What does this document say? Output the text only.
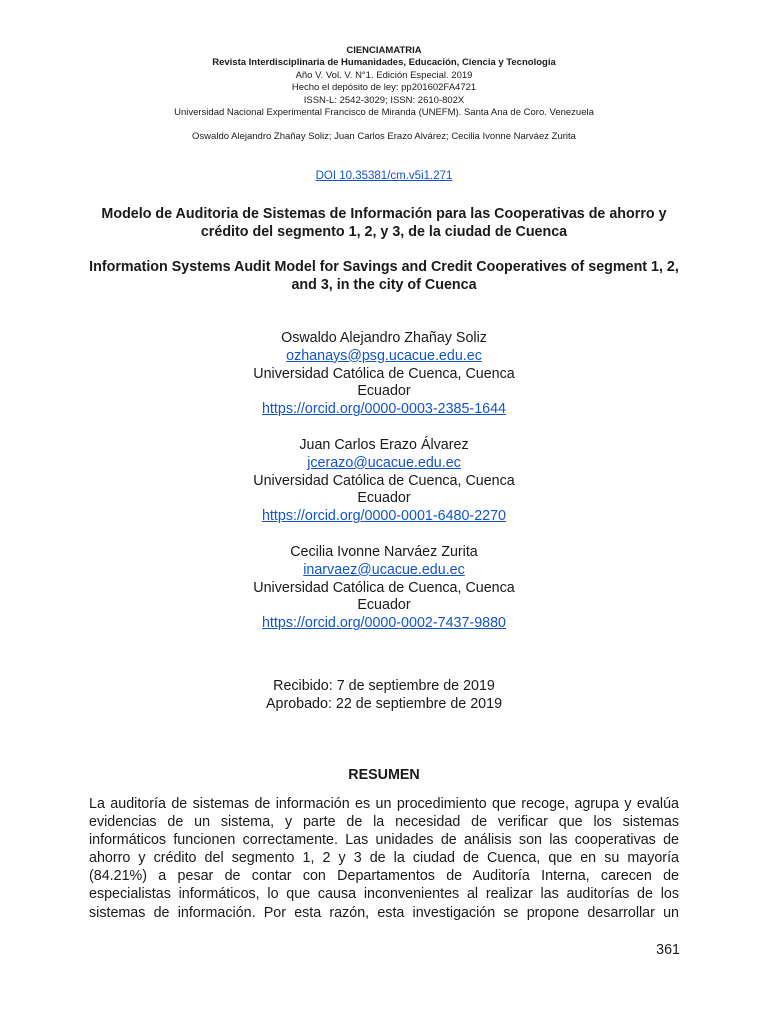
CIENCIAMATRIA
Revista Interdisciplinaria de Humanidades, Educación, Ciencia y Tecnología
Año V. Vol. V. N°1. Edición Especial. 2019
Hecho el depósito de ley: pp201602FA4721
ISSN-L: 2542-3029; ISSN: 2610-802X
Universidad Nacional Experimental Francisco de Miranda (UNEFM). Santa Ana de Coro. Venezuela
Oswaldo Alejandro Zhañay Soliz; Juan Carlos Erazo Alvárez; Cecilia Ivonne Narváez Zurita
DOI 10.35381/cm.v5i1.271
Modelo de Auditoria de Sistemas de Información para las Cooperativas de ahorro y crédito del segmento 1, 2, y 3, de la ciudad de Cuenca
Information Systems Audit Model for Savings and Credit Cooperatives of segment 1, 2, and 3, in the city of Cuenca
Oswaldo Alejandro Zhañay Soliz
ozhanays@psg.ucacue.edu.ec
Universidad Católica de Cuenca, Cuenca
Ecuador
https://orcid.org/0000-0003-2385-1644
Juan Carlos Erazo Álvarez
jcerazo@ucacue.edu.ec
Universidad Católica de Cuenca, Cuenca
Ecuador
https://orcid.org/0000-0001-6480-2270
Cecilia Ivonne Narváez Zurita
inarvaez@ucacue.edu.ec
Universidad Católica de Cuenca, Cuenca
Ecuador
https://orcid.org/0000-0002-7437-9880
Recibido: 7 de septiembre de 2019
Aprobado: 22 de septiembre de 2019
RESUMEN
La auditoría de sistemas de información es un procedimiento que recoge, agrupa y evalúa
evidencias de un sistema, y parte de la necesidad de verificar que los sistemas
informáticos funcionen correctamente. Las unidades de análisis son las cooperativas de
ahorro y crédito del segmento 1, 2 y 3 de la ciudad de Cuenca, que en su mayoría
(84.21%) a pesar de contar con Departamentos de Auditoría Interna, carecen de
especialistas informáticos, lo que causa inconvenientes al realizar las auditorías de los
sistemas de información. Por esta razón, esta investigación se propone desarrollar un
361
